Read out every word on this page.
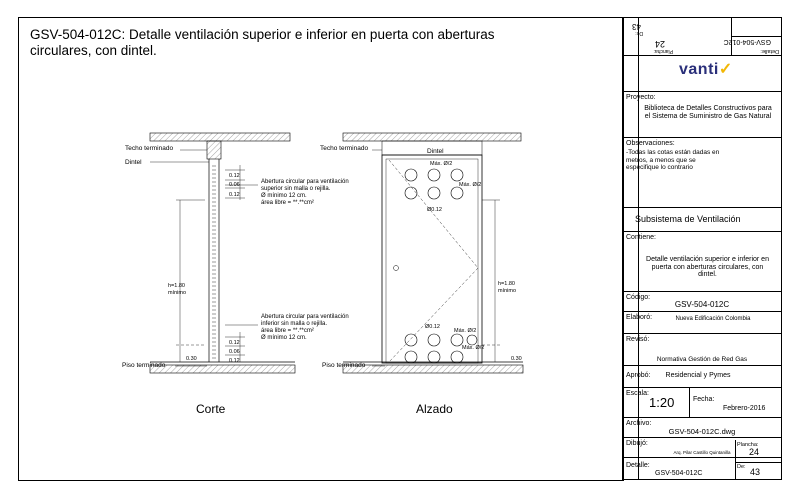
GSV-504-012C: Detalle ventilación superior e inferior en puerta con aberturas circulares, con dintel.
Techo terminado
Dintel
0.12
0.06
0.12
Abertura circular para ventilación
superior sin malla o rejilla.
Ø mínimo 12 cm.
área libre = **.**cm²
h=1.80
mínimo
Abertura circular para ventilación
inferior sin malla o rejilla.
área libre = **.**cm²
Ø mínimo 12 cm.
0.12
0.06
0.12
0.30
Piso terminado
Corte
Techo terminado	Dintel
Máx. Ø/2
Máx. Ø/2
Ø0.12
h=1.80
mínimo
Ø0.12
Máx. Ø/2
Máx. Ø/2
0.30
Piso terminado
Alzado
Detalle:
GSV-504-012C
Plancha:
24
De:
43
vanti✓
Proyecto:
Biblioteca de Detalles Constructivos para el Sistema de Suministro de Gas Natural
Observaciones:
-Todas las cotas están dadas en metros, a menos que se especifique lo contrario
Subsistema de Ventilación
Contiene:
Detalle ventilación superior e inferior en puerta con aberturas circulares, con dintel.
Código:
GSV-504-012C
Elaboró:	Nueva Edificación Colombia
Revisó:
Normativa Gestión de Red Gas
Aprobó:	Residencial y Pymes
Escala:
1:20	Fecha:
Febrero-2016
Archivo:
GSV-504-012C.dwg
Dibujó:
Arq. Pilar Castillo Quintanilla
Detalle:
GSV-504-012C
Plancha:
24
De: 43
